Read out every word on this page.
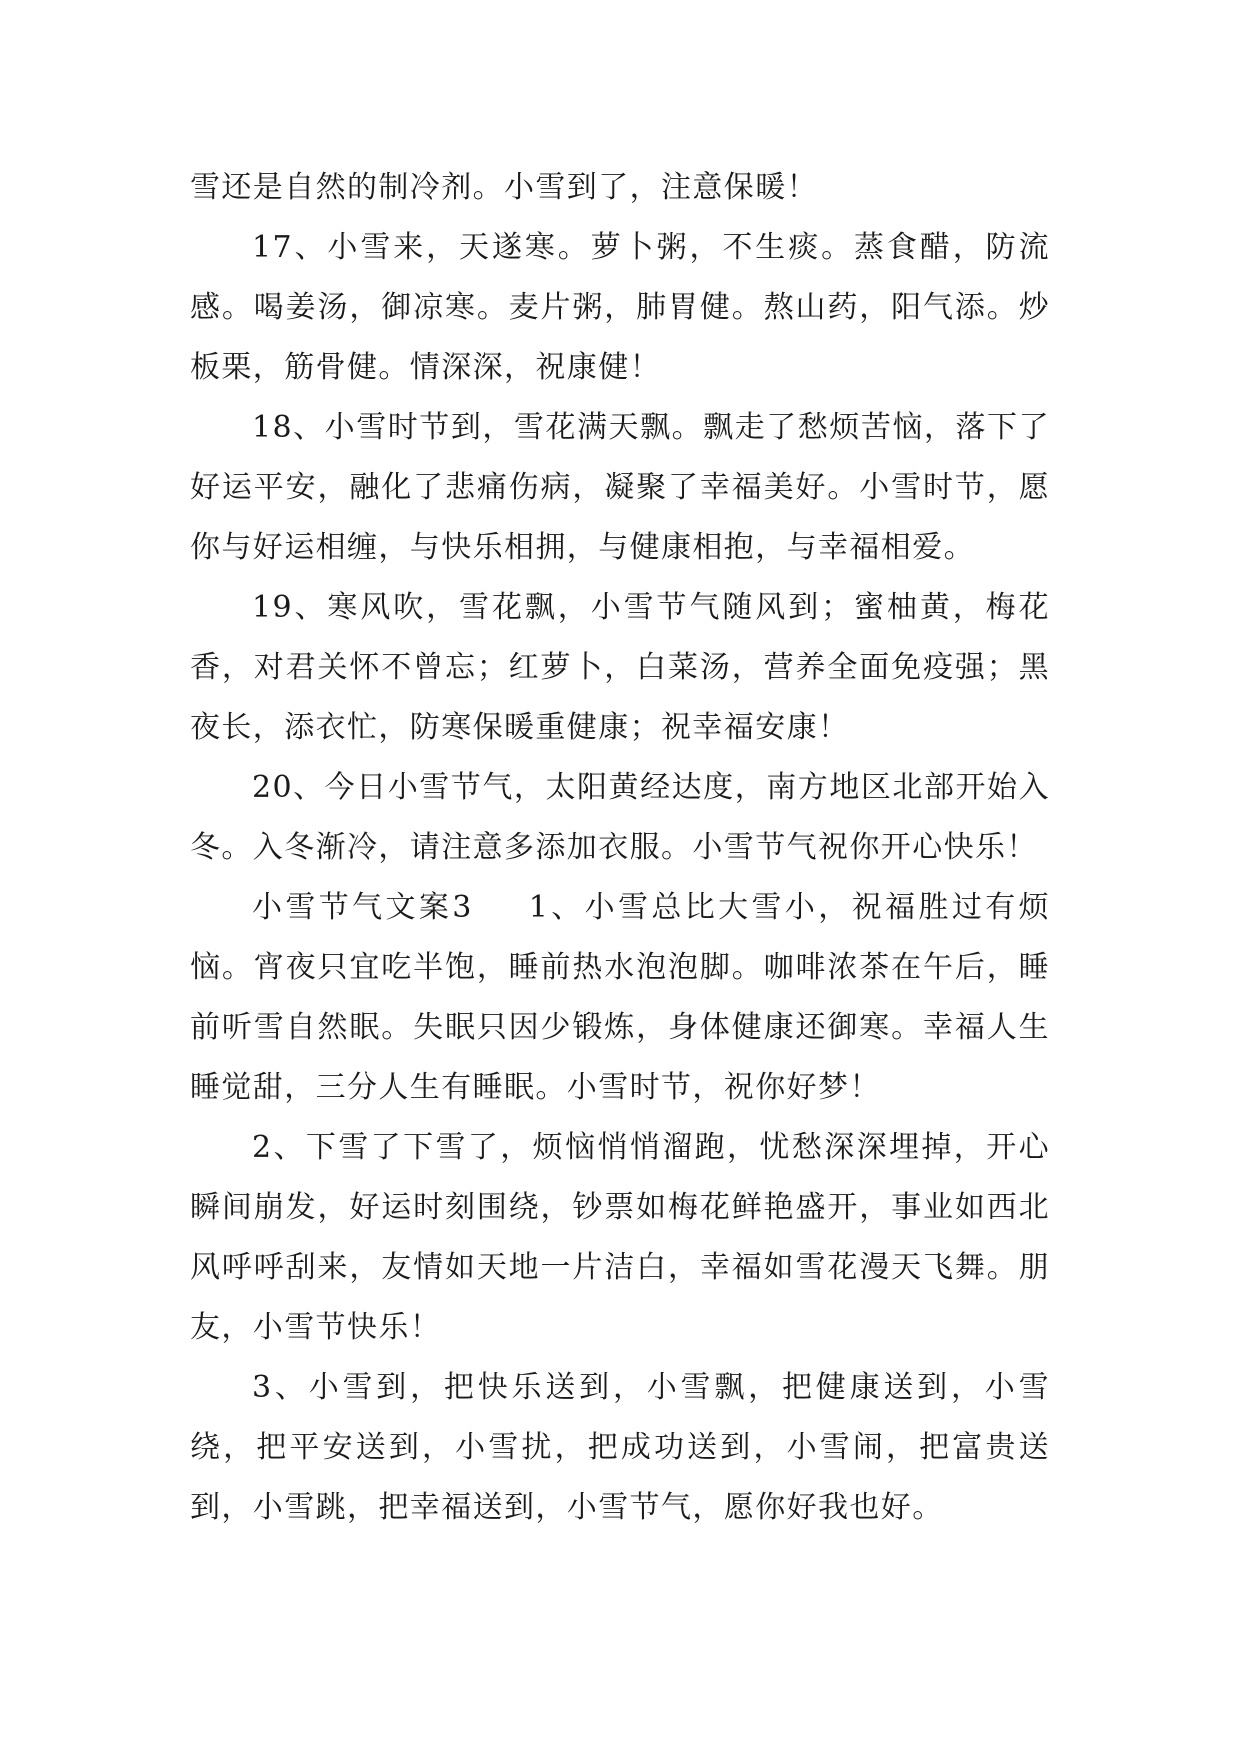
雪还是自然的制冷剂。小雪到了，注意保暖！

17、小雪来，天遂寒。萝卜粥，不生痰。蒸食醋，防流感。喝姜汤，御凉寒。麦片粥，肺胃健。熬山药，阳气添。炒板栗，筋骨健。情深深，祝康健！

18、小雪时节到，雪花满天飘。飘走了愁烦苦恼，落下了好运平安，融化了悲痛伤病，凝聚了幸福美好。小雪时节，愿你与好运相缠，与快乐相拥，与健康相抱，与幸福相爱。

19、寒风吹，雪花飘，小雪节气随风到；蜜柚黄，梅花香，对君关怀不曾忘；红萝卜，白菜汤，营养全面免疫强；黑夜长，添衣忙，防寒保暖重健康；祝幸福安康！

20、今日小雪节气，太阳黄经达度，南方地区北部开始入冬。入冬渐冷，请注意多添加衣服。小雪节气祝你开心快乐！

小雪节气文案3 1、小雪总比大雪小，祝福胜过有烦恼。宵夜只宜吃半饱，睡前热水泡泡脚。咖啡浓茶在午后，睡前听雪自然眠。失眠只因少锻炼，身体健康还御寒。幸福人生睡觉甜，三分人生有睡眠。小雪时节，祝你好梦！

2、下雪了下雪了，烦恼悄悄溜跑，忧愁深深埋掉，开心瞬间崩发，好运时刻围绕，钞票如梅花鲜艳盛开，事业如西北风呼呼刮来，友情如天地一片洁白，幸福如雪花漫天飞舞。朋友，小雪节快乐！

3、小雪到，把快乐送到，小雪飘，把健康送到，小雪绕，把平安送到，小雪扰，把成功送到，小雪闹，把富贵送到，小雪跳，把幸福送到，小雪节气，愿你好我也好。
